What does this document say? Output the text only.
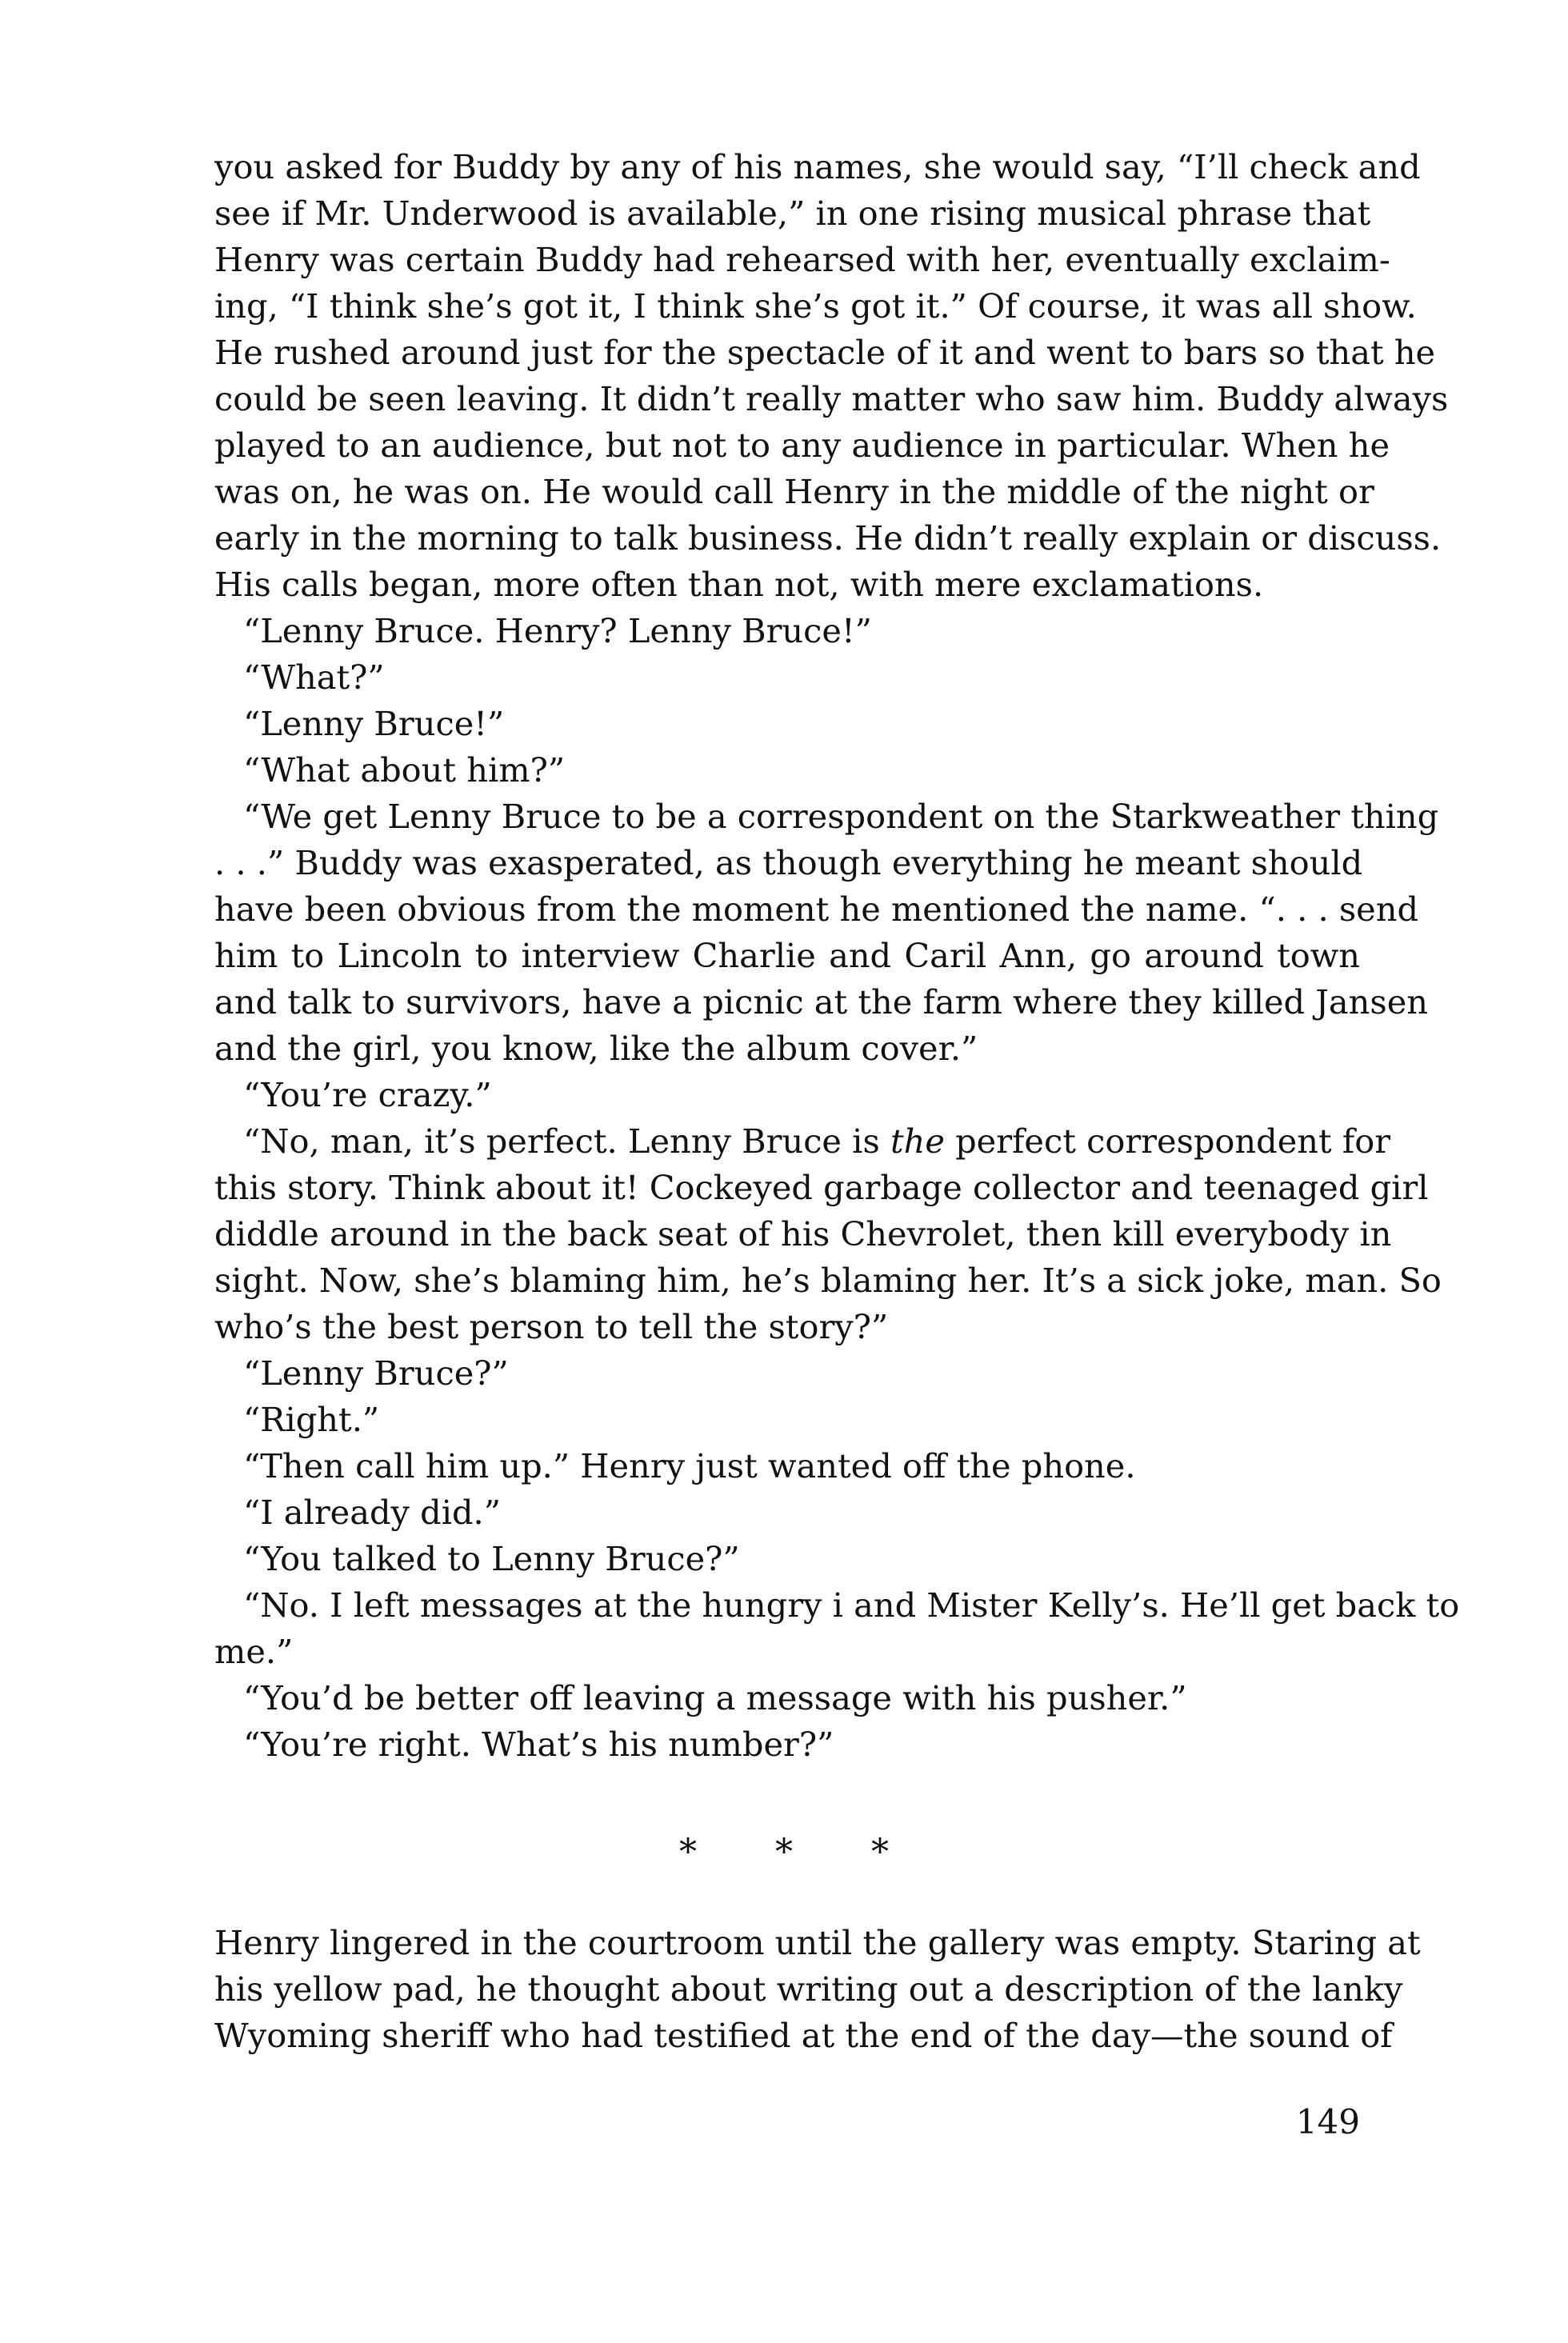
you asked for Buddy by any of his names, she would say, “I’ll check and
see if Mr. Underwood is available,” in one rising musical phrase that
Henry was certain Buddy had rehearsed with her, eventually exclaim-
ing, “I think she’s got it, I think she’s got it.” Of course, it was all show.
He rushed around just for the spectacle of it and went to bars so that he
could be seen leaving. It didn’t really matter who saw him. Buddy always
played to an audience, but not to any audience in particular. When he
was on, he was on. He would call Henry in the middle of the night or
early in the morning to talk business. He didn’t really explain or discuss.
His calls began, more often than not, with mere exclamations.
“Lenny Bruce. Henry? Lenny Bruce!”
“What?”
“Lenny Bruce!”
“What about him?”
“We get Lenny Bruce to be a correspondent on the Starkweather thing
. . .” Buddy was exasperated, as though everything he meant should
have been obvious from the moment he mentioned the name. “. . . send
him to Lincoln to interview Charlie and Caril Ann, go around town
and talk to survivors, have a picnic at the farm where they killed Jansen
and the girl, you know, like the album cover.”
“You’re crazy.”
“No, man, it’s perfect. Lenny Bruce is the perfect correspondent for
this story. Think about it! Cockeyed garbage collector and teenaged girl
diddle around in the back seat of his Chevrolet, then kill everybody in
sight. Now, she’s blaming him, he’s blaming her. It’s a sick joke, man. So
who’s the best person to tell the story?”
“Lenny Bruce?”
“Right.”
“Then call him up.” Henry just wanted off the phone.
“I already did.”
“You talked to Lenny Bruce?”
“No. I left messages at the hungry i and Mister Kelly’s. He’ll get back to
me.”
“You’d be better off leaving a message with his pusher.”
“You’re right. What’s his number?”
Henry lingered in the courtroom until the gallery was empty. Staring at
his yellow pad, he thought about writing out a description of the lanky
Wyoming sheriff who had testified at the end of the day—the sound of
* * *
149
